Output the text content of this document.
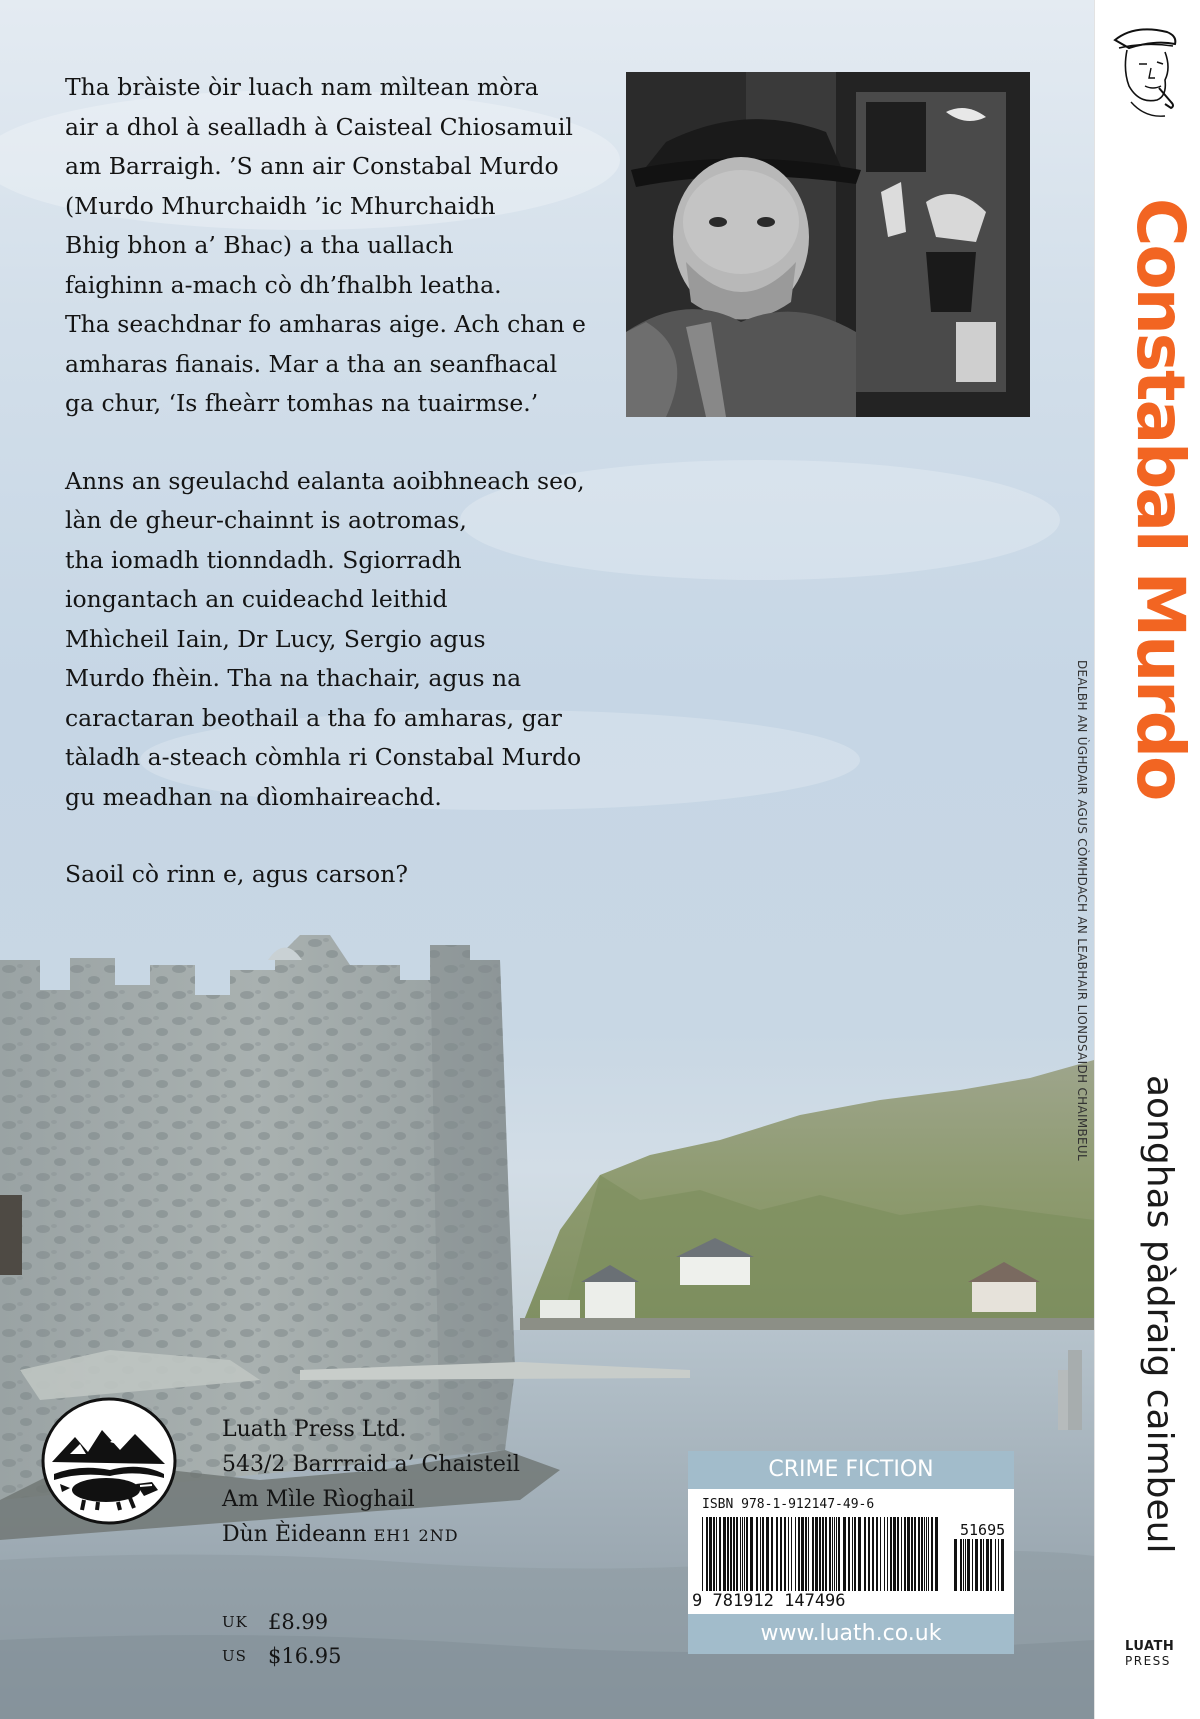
Tha bràiste òir luach nam mìltean mòra
air a dhol à sealladh à Caisteal Chiosamuil
am Barraigh. ’S ann air Constabal Murdo
(Murdo Mhurchaidh ’ic Mhurchaidh
Bhig bhon a’ Bhac) a tha uallach
faighinn a-mach cò dh’fhalbh leatha.
Tha seachdnar fo amharas aige. Ach chan e
amharas fianais. Mar a tha an seanfhacal
ga chur, ‘Is fheàrr tomhas na tuairmse.’

Anns an sgeulachd ealanta aoibhneach seo,
làn de gheur-chainnt is aotromas,
tha iomadh tionndadh. Sgiorradh
iongantach an cuideachd leithid
Mhìcheil Iain, Dr Lucy, Sergio agus
Murdo fhèin. Tha na thachair, agus na
caractaran beothail a tha fo amharas, gar
tàladh a-steach còmhla ri Constabal Murdo
gu meadhan na dìomhaireachd.

Saoil cò rinn e, agus carson?

Luath Press Ltd.
543/2 Barrraid a’ Chaisteil
Am Mìle Rìoghail
Dùn Èideann EH1 2ND
UK £8.99
US	$16.95
CRIME FICTION
ISBN 978-1-912147-49-6
51695
9 781912 147496
www.luath.co.uk
Constabal Murdo
aonghas pàdraig caimbeul
DEALBH AN ÙGHDAIR AGUS CÒMHDACH AN LEABHAIR LIONDSAIDH CHAIMBEUL
LUATH
PRESS
